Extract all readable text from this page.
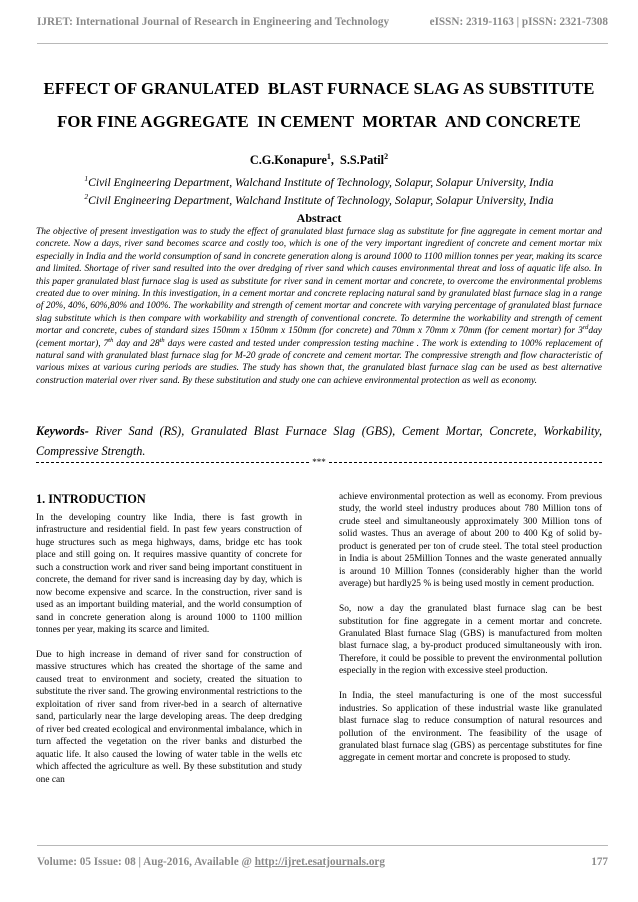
IJRET: International Journal of Research in Engineering and Technology	eISSN: 2319-1163 | pISSN: 2321-7308
EFFECT OF GRANULATED  BLAST FURNACE SLAG AS SUBSTITUTE
FOR FINE AGGREGATE  IN CEMENT  MORTAR  AND CONCRETE
C.G.Konapure$^1$,  S.S.Patil$^2$
$^1$Civil Engineering Department, Walchand Institute of Technology, Solapur, Solapur University, India
$^2$Civil Engineering Department, Walchand Institute of Technology, Solapur, Solapur University, India
Abstract
The objective of present investigation was to study the effect of granulated blast furnace slag as substitute for fine aggregate in cement mortar and concrete. Now a days, river sand becomes scarce and costly too, which is one of the very important ingredient of concrete and cement mortar mix especially in India and the world consumption of sand in concrete generation along is around 1000 to 1100 million tonnes per year, making its scarce and limited. Shortage of river sand resulted into the over dredging of river sand which causes environmental threat and loss of aquatic life also. In this paper granulated blast furnace slag is used as substitute for river sand in cement mortar and concrete, to overcome the environmental problems created due to over mining. In this investigation, in a cement mortar and concrete replacing natural sand by granulated blast furnace slag in a range of 20%, 40%, 60%,80% and 100%. The workability and strength of cement mortar and concrete with varying percentage of granulated blast furnace slag substitute which is then compare with workability and strength of conventional concrete. To determine the workability and strength of cement mortar and concrete, cubes of standard sizes 150mm x 150mm x 150mm (for concrete) and 70mm x 70mm x 70mm (for cement mortar) for 3rdday (cement mortar), 7th day and 28th days were casted and tested under compression testing machine . The work is extending to 100% replacement of natural sand with granulated blast furnace slag for M-20 grade of concrete and cement mortar. The compressive strength and flow characteristic of various mixes at various curing periods are studies. The study has shown that, the granulated blast furnace slag can be used as best alternative construction material over river sand. By these substitution and study one can achieve environmental protection as well as economy.
Keywords- River Sand (RS), Granulated Blast Furnace Slag (GBS), Cement Mortar, Concrete, Workability, Compressive Strength.
***
1. INTRODUCTION

In the developing country like India, there is fast growth in infrastructure and residential field. In past few years construction of huge structures such as mega highways, dams, bridge etc has took place and still going on. It requires massive quantity of concrete for such a construction work and river sand being important constituent in concrete, the demand for river sand is increasing day by day, which is now become expensive and scarce. In the construction, river sand is used as an important building material, and the world consumption of sand in concrete generation along is around 1000 to 1100 million tonnes per year, making its scarce and limited.

Due to high increase in demand of river sand for construction of massive structures which has created the shortage of the same and caused treat to environment and society, created the situation to substitute the river sand. The growing environmental restrictions to the exploitation of river sand from river-bed in a search of alternative sand, particularly near the large developing areas. The deep dredging of river bed created ecological and environmental imbalance, which in turn affected the vegetation on the river banks and disturbed the aquatic life. It also caused the lowing of water table in the wells etc which affected the agriculture as well. By these substitution and study one can

achieve environmental protection as well as economy. From previous study, the world steel industry produces about 780 Million tons of crude steel and simultaneously approximately 300 Million tons of solid wastes. Thus an average of about 200 to 400 Kg of solid by-product is generated per ton of crude steel. The total steel production in India is about 25Million Tonnes and the waste generated annually is around 10 Million Tonnes (considerably higher than the world average) but hardly25 % is being used mostly in cement production.

So, now a day the granulated blast furnace slag can be best substitution for fine aggregate in a cement mortar and concrete. Granulated Blast furnace Slag (GBS) is manufactured from molten blast furnace slag, a by-product produced simultaneously with iron. Therefore, it could be possible to prevent the environmental pollution especially in the region with excessive steel production.

In India, the steel manufacturing is one of the most successful industries. So application of these industrial waste like granulated blast furnace slag to reduce consumption of natural resources and pollution of the environment. The feasibility of the usage of granulated blast furnace slag (GBS) as percentage substitutes for fine aggregate in cement mortar and concrete is proposed to study.

Volume: 05 Issue: 08 | Aug-2016, Available @ http://ijret.esatjournals.org	177
